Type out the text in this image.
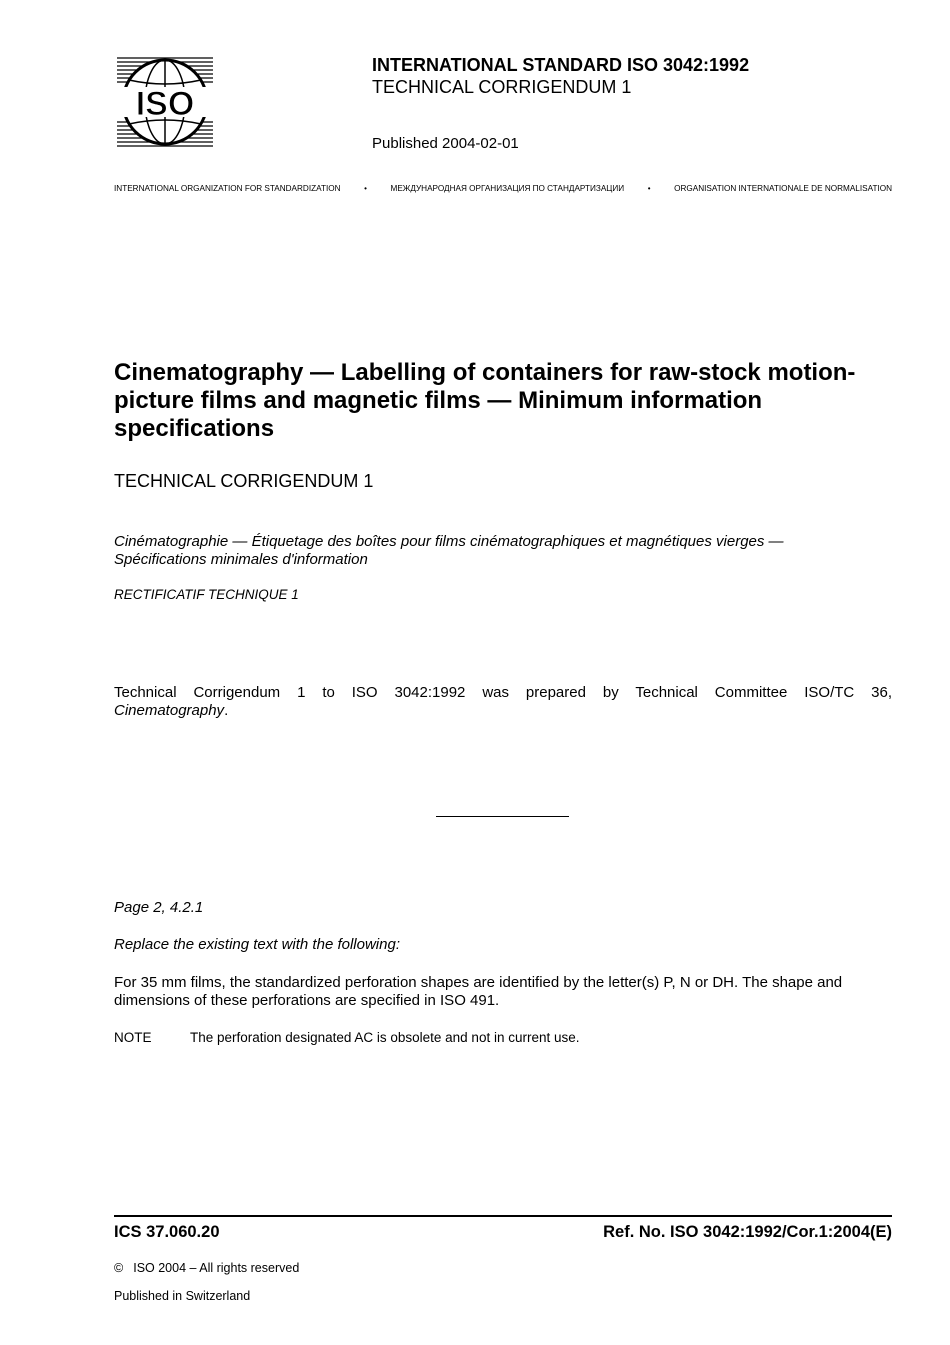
ISO
INTERNATIONAL STANDARD ISO 3042:1992
TECHNICAL CORRIGENDUM 1
Published 2004-02-01
INTERNATIONAL ORGANIZATION FOR STANDARDIZATION	•	МЕЖДУНАРОДНАЯ ОРГАНИЗАЦИЯ ПО СТАНДАРТИЗАЦИИ	•	ORGANISATION INTERNATIONALE DE NORMALISATION
Cinematography — Labelling of containers for raw-stock motion-picture films and magnetic films — Minimum information specifications
TECHNICAL CORRIGENDUM 1
Cinématographie — Étiquetage des boîtes pour films cinématographiques et magnétiques vierges — Spécifications minimales d'information
RECTIFICATIF TECHNIQUE 1
Technical Corrigendum 1 to ISO 3042:1992 was prepared by Technical Committee ISO/TC 36,
Cinematography.
Page 2, 4.2.1
Replace the existing text with the following:
For 35 mm films, the standardized perforation shapes are identified by the letter(s) P, N or DH. The shape and dimensions of these perforations are specified in ISO 491.
NOTE	The perforation designated AC is obsolete and not in current use.
ICS 37.060.20	Ref. No. ISO 3042:1992/Cor.1:2004(E)
© ISO 2004 – All rights reserved
Published in Switzerland
